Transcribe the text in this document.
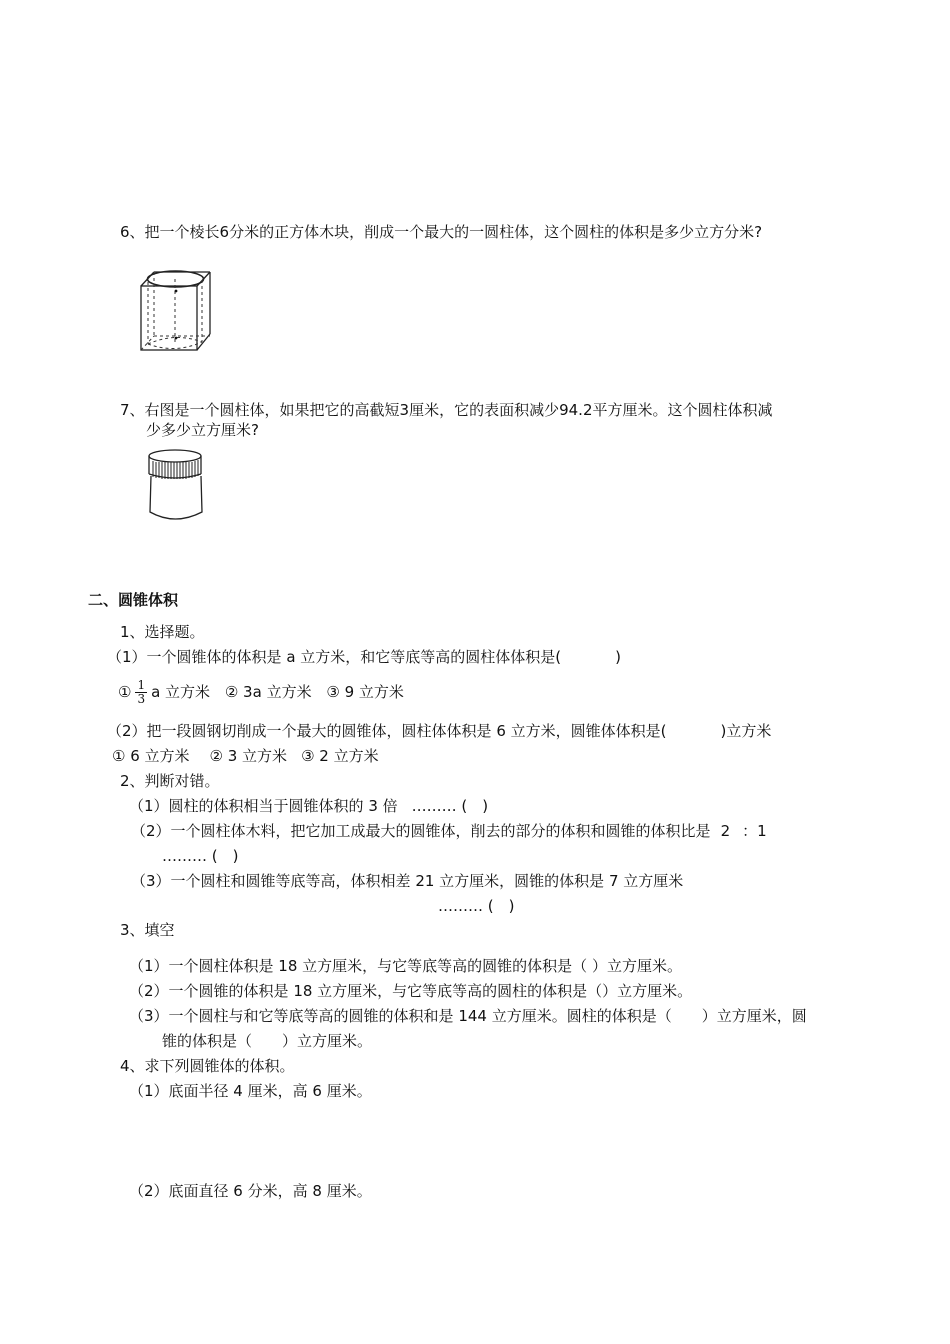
6、把一个棱长6分米的正方体木块，削成一个最大的一圆柱体，这个圆柱的体积是多少立方分米?
7、右图是一个圆柱体，如果把它的高截短3厘米，它的表面积减少94.2平方厘米。这个圆柱体积减
少多少立方厘米?
二、圆锥体积
1、选择题。
（1）一个圆锥体的体积是 a 立方米，和它等底等高的圆柱体体积是(	)
① $\frac{1}{3}$ a 立方米 ② 3a 立方米 ③ 9 立方米
（2）把一段圆钢切削成一个最大的圆锥体，圆柱体体积是 6 立方米，圆锥体体积是(	)立方米
① 6 立方米 ② 3 立方米 ③ 2 立方米
2、判断对错。
（1）圆柱的体积相当于圆锥体积的 3 倍 ……… (　)
（2）一个圆柱体木料，把它加工成最大的圆锥体，削去的部分的体积和圆锥的体积比是 2 ：1
……… (　)
（3）一个圆柱和圆锥等底等高，体积相差 21 立方厘米，圆锥的体积是 7 立方厘米
……… (　)
3、填空
（1）一个圆柱体积是 18 立方厘米，与它等底等高的圆锥的体积是（ ）立方厘米。
（2）一个圆锥的体积是 18 立方厘米，与它等底等高的圆柱的体积是（）立方厘米。
（3）一个圆柱与和它等底等高的圆锥的体积和是 144 立方厘米。圆柱的体积是（　　）立方厘米，圆
锥的体积是（　　）立方厘米。
4、求下列圆锥体的体积。
（1）底面半径 4 厘米，高 6 厘米。
（2）底面直径 6 分米，高 8 厘米。
